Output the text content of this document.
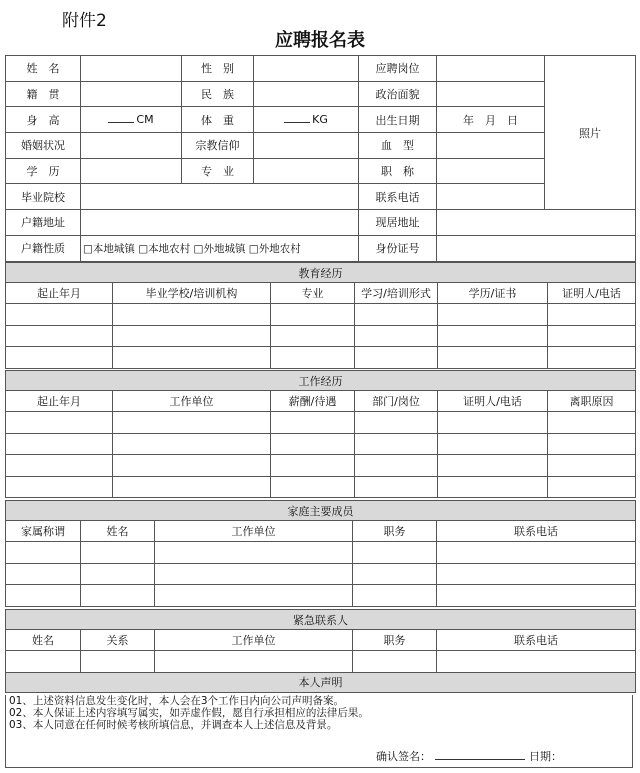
附件2
应聘报名表
姓　名		性　别		应聘岗位		照片
籍　贯		民　族		政治面貌		
身　高	CM	体　重	KG	出生日期	年　月　日	
婚姻状况		宗教信仰		血　型		
学　历		专　业		职　称		
毕业院校				联系电话		
户籍地址				现居地址		
户籍性质	□本地城镇 □本地农村 □外地城镇 □外地农村			身份证号		
教育经历					
起止年月	毕业学校/培训机构	专业	学习/培训形式	学历/证书	证明人/电话

工作经历					
起止年月	工作单位	薪酬/待遇	部门/岗位	证明人/电话	离职原因

家庭主要成员				
家属称谓	姓名	工作单位	职务	联系电话

紧急联系人				
姓名	关系	工作单位	职务	联系电话

本人声明				
01、上述资料信息发生变化时，本人会在3个工作日内向公司声明备案。
02、本人保证上述内容填写属实，如弄虚作假，愿自行承担相应的法律后果。
03、本人同意在任何时候考核所填信息，并调查本人上述信息及背景。
确认签名：	日期：
